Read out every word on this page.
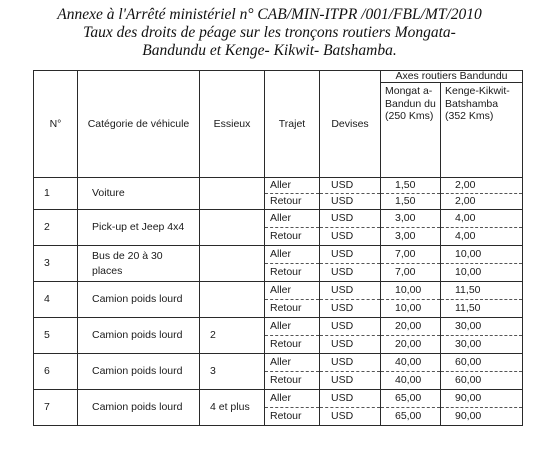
Annexe à l'Arrêté ministériel n° CAB/MIN-ITPR /001/FBL/MT/2010
Taux des droits de péage sur les tronçons routiers Mongata-
Bandundu et Kenge- Kikwit- Batshamba.
N°	Catégorie de véhicule	Essieux	Trajet	Devises	Axes routiers Bandundu	
					Mongat a- Bandun du (250 Kms)	Kenge-Kikwit- Batshamba (352 Kms)
1	Voiture		Aller	USD	1,50	2,00
			Retour	USD	1,50	2,00
2	Pick-up et Jeep 4x4		Aller	USD	3,00	4,00
			Retour	USD	3,00	4,00
3	Bus de 20 à 30 places		Aller	USD	7,00	10,00
			Retour	USD	7,00	10,00
4	Camion poids lourd		Aller	USD	10,00	11,50
			Retour	USD	10,00	11,50
5	Camion poids lourd	2	Aller	USD	20,00	30,00
			Retour	USD	20,00	30,00
6	Camion poids lourd	3	Aller	USD	40,00	60,00
			Retour	USD	40,00	60,00
7	Camion poids lourd	4 et plus	Aller	USD	65,00	90,00
			Retour	USD	65,00	90,00
